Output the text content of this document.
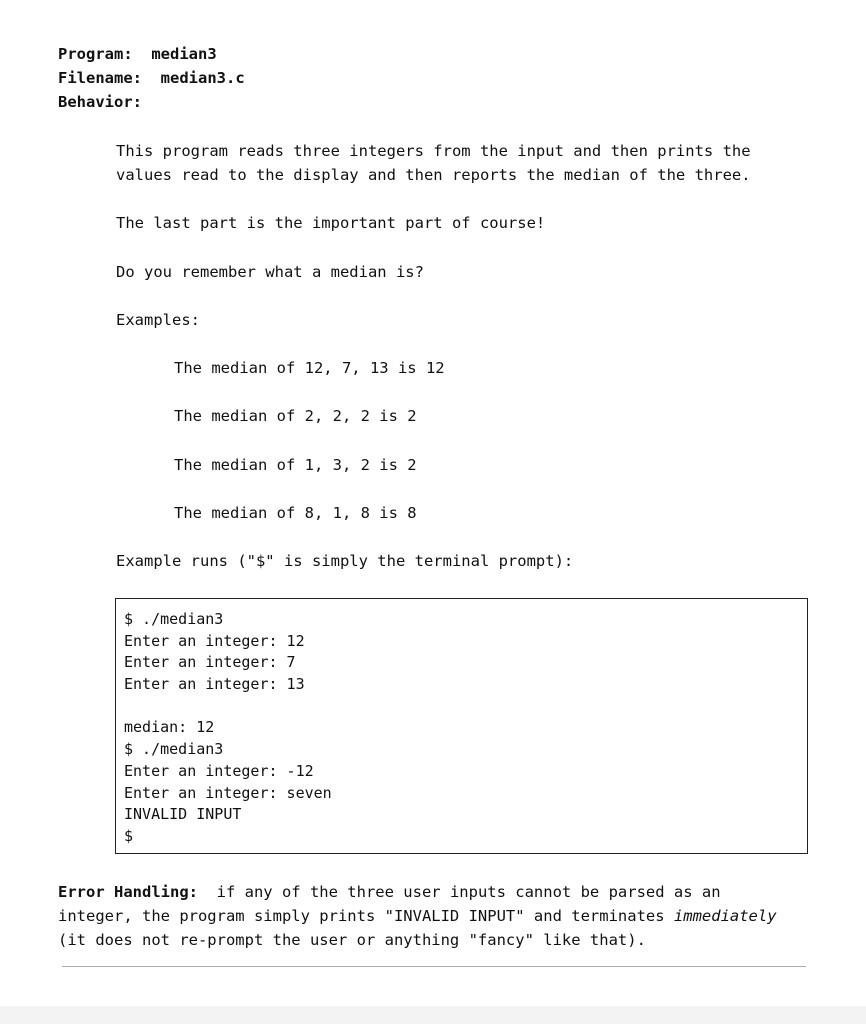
Program: median3
Filename: median3.c
Behavior:
This program reads three integers from the input and then prints the
values read to the display and then reports the median of the three.
The last part is the important part of course!
Do you remember what a median is?
Examples:
The median of 12, 7, 13 is 12
The median of 2, 2, 2 is 2
The median of 1, 3, 2 is 2
The median of 8, 1, 8 is 8
Example runs ("$" is simply the terminal prompt):
$ ./median3
Enter an integer: 12
Enter an integer: 7
Enter an integer: 13
median: 12
$ ./median3
Enter an integer: -12
Enter an integer: seven
INVALID INPUT
$
Error Handling:  if any of the three user inputs cannot be parsed as an
integer, the program simply prints "INVALID INPUT" and terminates immediately
(it does not re-prompt the user or anything "fancy" like that).
